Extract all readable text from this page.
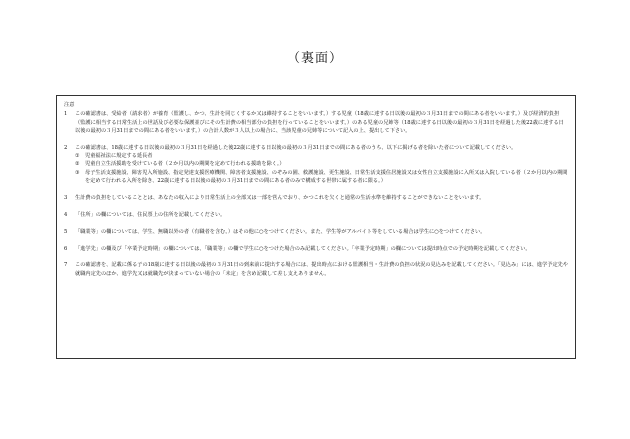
（裏面）
注意
1 この確認書は、受給者（請求者）が養育（監護し、かつ、生計を同じくするか又は維持することをいいます。）する児童（18歳に達する日以後の最初の３月31日までの間にある者をいいます。）及び経済的負担（監護に相当する日常生活上の世話及び必要な保護並びにその生計費の相当部分の負担を行っていることをいいます。）のある児童の兄姉等（18歳に達する日以後の最初の３月31日を経過した後22歳に達する日以後の最初の３月31日までの間にある者をいいます。）の合計人数が３人以上の場合に、当該児童の兄姉等について記入の上、提出して下さい。
2 この確認書は、18歳に達する日以後の最初の３月31日を経過した後22歳に達する日以後の最初の３月31日までの間にある者のうち、以下に掲げる者を除いた者について記載してください。
① 児童福祉法に規定する延長者
② 児童自立生活援助を受けている者（２か月以内の期間を定めて行われる援助を除く。）
③ 母子生活支援施設、障害児入所施設、指定発達支援医療機関、障害者支援施設、のぞみの園、救護施設、更生施設、日常生活支援住居施設又は女性自立支援施設に入所又は入院している者（２か月以内の期間を定めて行われる入所を除き、22歳に達する日以後の最初の３月31日までの間にある者のみで構成する世帯に属する者に限る。）
3 生計費の負担をしていることとは、あなたの収入により日常生活上の全部又は一部を営んでおり、かつこれを欠くと通常の生活水準を維持することができないことをいいます。
4 「住所」の欄については、住民票上の住所を記載してください。
5 「職業等」の欄については、学生、無職以外の者（有職者を含む。）はその他に○をつけてください。また、学生等がアルバイト等をしている場合は学生に○をつけてください。
6 「進学先」の欄及び「卒業予定時期」の欄については、「職業等」の欄で学生に○をつけた場合のみ記載してください。「卒業予定時期」の欄については提出時点での予定時期を記載してください。
7 この確認書を、記載に係る子の18歳に達する日以後の最初の３月31日の到来前に提出する場合には、提出時点における監護相当・生計費の負担の状況の見込みを記載してください。「見込み」には、進学予定先や就職内定先のほか、進学先又は就職先が決まっていない場合の「未定」を含め記載して差し支えありません。
